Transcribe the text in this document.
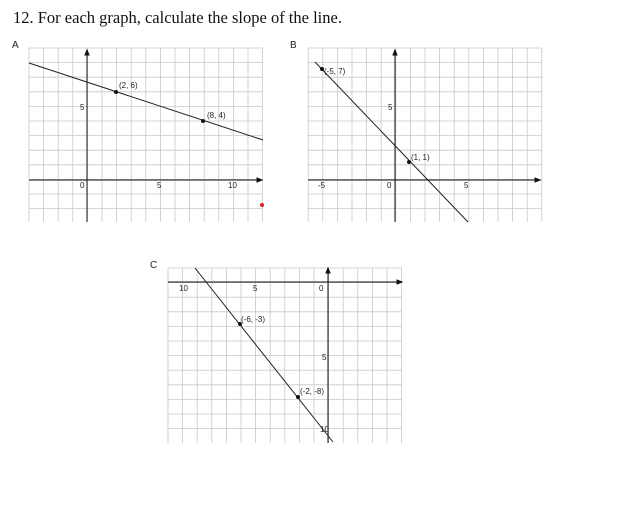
12. For each graph, calculate the slope of the line.
A
(2, 6)
(8, 4)
0
5
5	10
B
(-5, 7)
(1, 1)
0
5
-5	5
C
(-6, -3)
(-2, -8)
0
10	5
5
10
